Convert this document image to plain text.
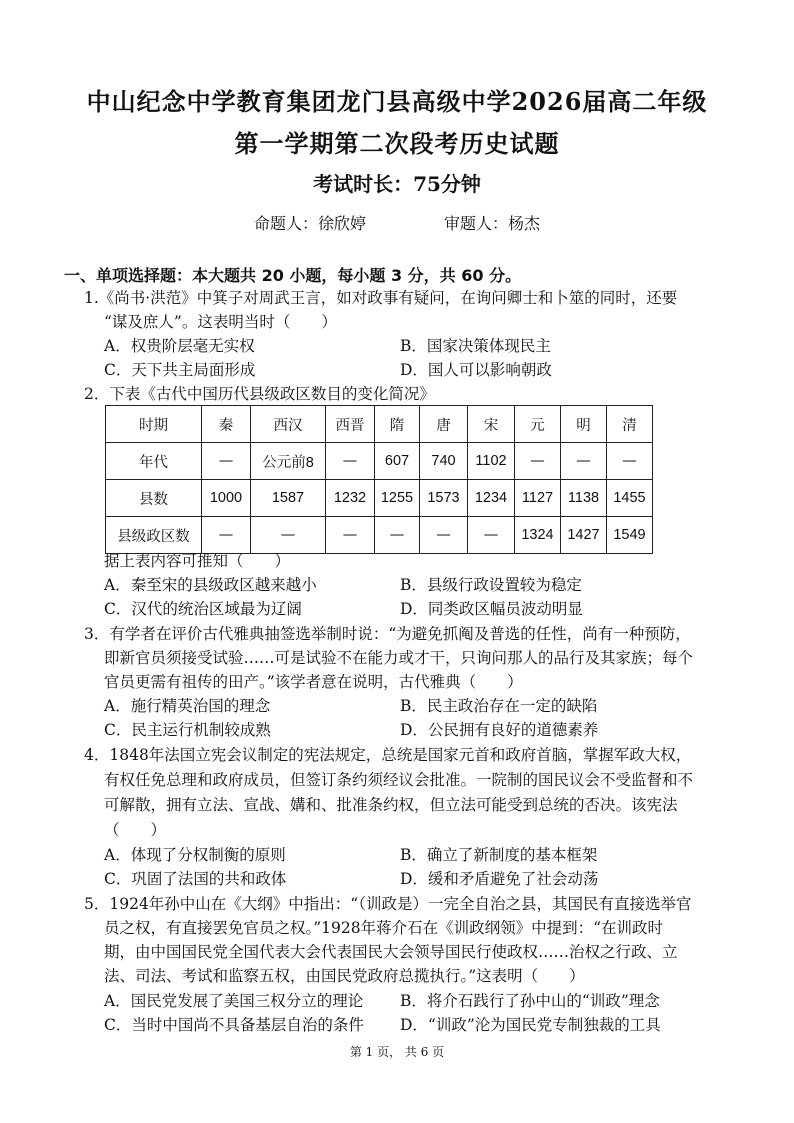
中山纪念中学教育集团龙门县高级中学2026届高二年级
第一学期第二次段考历史试题
考试时长：75分钟
命题人：徐欣婷	审题人：杨杰
一、单项选择题：本大题共 20 小题，每小题 3 分，共 60 分。
1.《尚书·洪范》中箕子对周武王言，如对政事有疑问，在询问卿士和卜筮的同时，还要
“谋及庶人”。这表明当时（　　）
A．权贵阶层毫无实权	B．国家决策体现民主
C．天下共主局面形成	D．国人可以影响朝政
2．下表《古代中国历代县级政区数目的变化简况》
时期	秦	西汉	西晋	隋	唐	宋	元	明	清
年代	—	公元前8	—	607	740	1102	—	—	—
县数	1000	1587	1232	1255	1573	1234	1127	1138	1455
县级政区数	—	—	—	—	—	—	1324	1427	1549
据上表内容可推知（　　）
A．秦至宋的县级政区越来越小	B．县级行政设置较为稳定
C．汉代的统治区域最为辽阔	D．同类政区幅员波动明显
3．有学者在评价古代雅典抽签选举制时说：“为避免抓阄及普选的任性，尚有一种预防，
即新官员须接受试验……可是试验不在能力或才干，只询问那人的品行及其家族；每个
官员更需有祖传的田产。”该学者意在说明，古代雅典（　　）
A．施行精英治国的理念	B．民主政治存在一定的缺陷
C．民主运行机制较成熟	D．公民拥有良好的道德素养
4．1848年法国立宪会议制定的宪法规定，总统是国家元首和政府首脑，掌握军政大权，
有权任免总理和政府成员，但签订条约须经议会批准。一院制的国民议会不受监督和不
可解散，拥有立法、宣战、媾和、批准条约权，但立法可能受到总统的否决。该宪法
（　　）
A．体现了分权制衡的原则	B．确立了新制度的基本框架
C．巩固了法国的共和政体	D．缓和矛盾避免了社会动荡
5．1924年孙中山在《大纲》中指出：“（训政是）一完全自治之县，其国民有直接选举官
员之权，有直接罢免官员之权。”1928年蒋介石在《训政纲领》中提到：“在训政时
期，由中国国民党全国代表大会代表国民大会领导国民行使政权……治权之行政、立
法、司法、考试和监察五权，由国民党政府总揽执行。”这表明（　　）
A．国民党发展了美国三权分立的理论 B．将介石践行了孙中山的“训政”理念
C．当时中国尚不具备基层自治的条件 D．“训政”沦为国民党专制独裁的工具
第 1 页， 共 6 页
